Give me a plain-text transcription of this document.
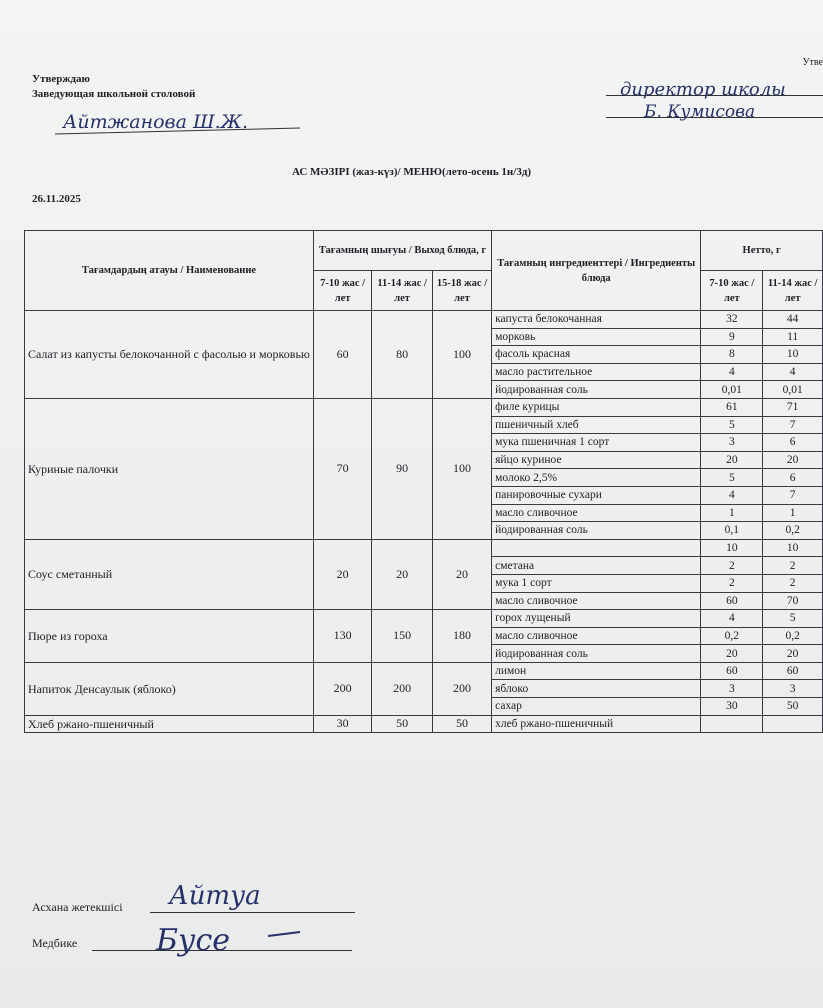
Утверждаю
Заведующая школьной столовой
Айтжанова Ш.Ж.
Утве
директор школы
Б. Кумисова
АС МӘЗІРІ (жаз-күз)/ МЕНЮ(лето-осень 1н/3д)
26.11.2025
Тағамдардың атауы / Наименование	Тағамның шығуы / Выход блюда, г			Тағамның ингредиенттері / Ингредиенты блюда	Нетто, г	
	7-10 жас / лет	11-14 жас / лет	15-18 жас / лет		7-10 жас / лет	11-14 жас / лет
Салат из капусты белокочанной с фасолью и морковью	60	80	100	капуста белокочанная	32	44
				морковь	9	11
				фасоль красная	8	10
				масло растительное	4	4
				йодированная соль	0,01	0,01
Куриные палочки	70	90	100	филе курицы	61	71
				пшеничный хлеб	5	7
				мука пшеничная 1 сорт	3	6
				яйцо куриное	20	20
				молоко 2,5%	5	6
				панировочные сухари	4	7
				масло сливочное	1	1
				йодированная соль	0,1	0,2
Соус сметанный	20	20	20		10	10
				сметана	2	2
				мука 1 сорт	2	2
				масло сливочное	60	70
Пюре из гороха	130	150	180	горох лущеный	4	5
				масло сливочное	0,2	0,2
				йодированная соль	20	20
Напиток Денсаулык (яблоко)	200	200	200	лимон	60	60
				яблоко	3	3
				сахар	30	50
Хлеб ржано-пшеничный	30	50	50	хлеб ржано-пшеничный		
Асхана жетекшісі Айтуа
Медбике	Бусе
